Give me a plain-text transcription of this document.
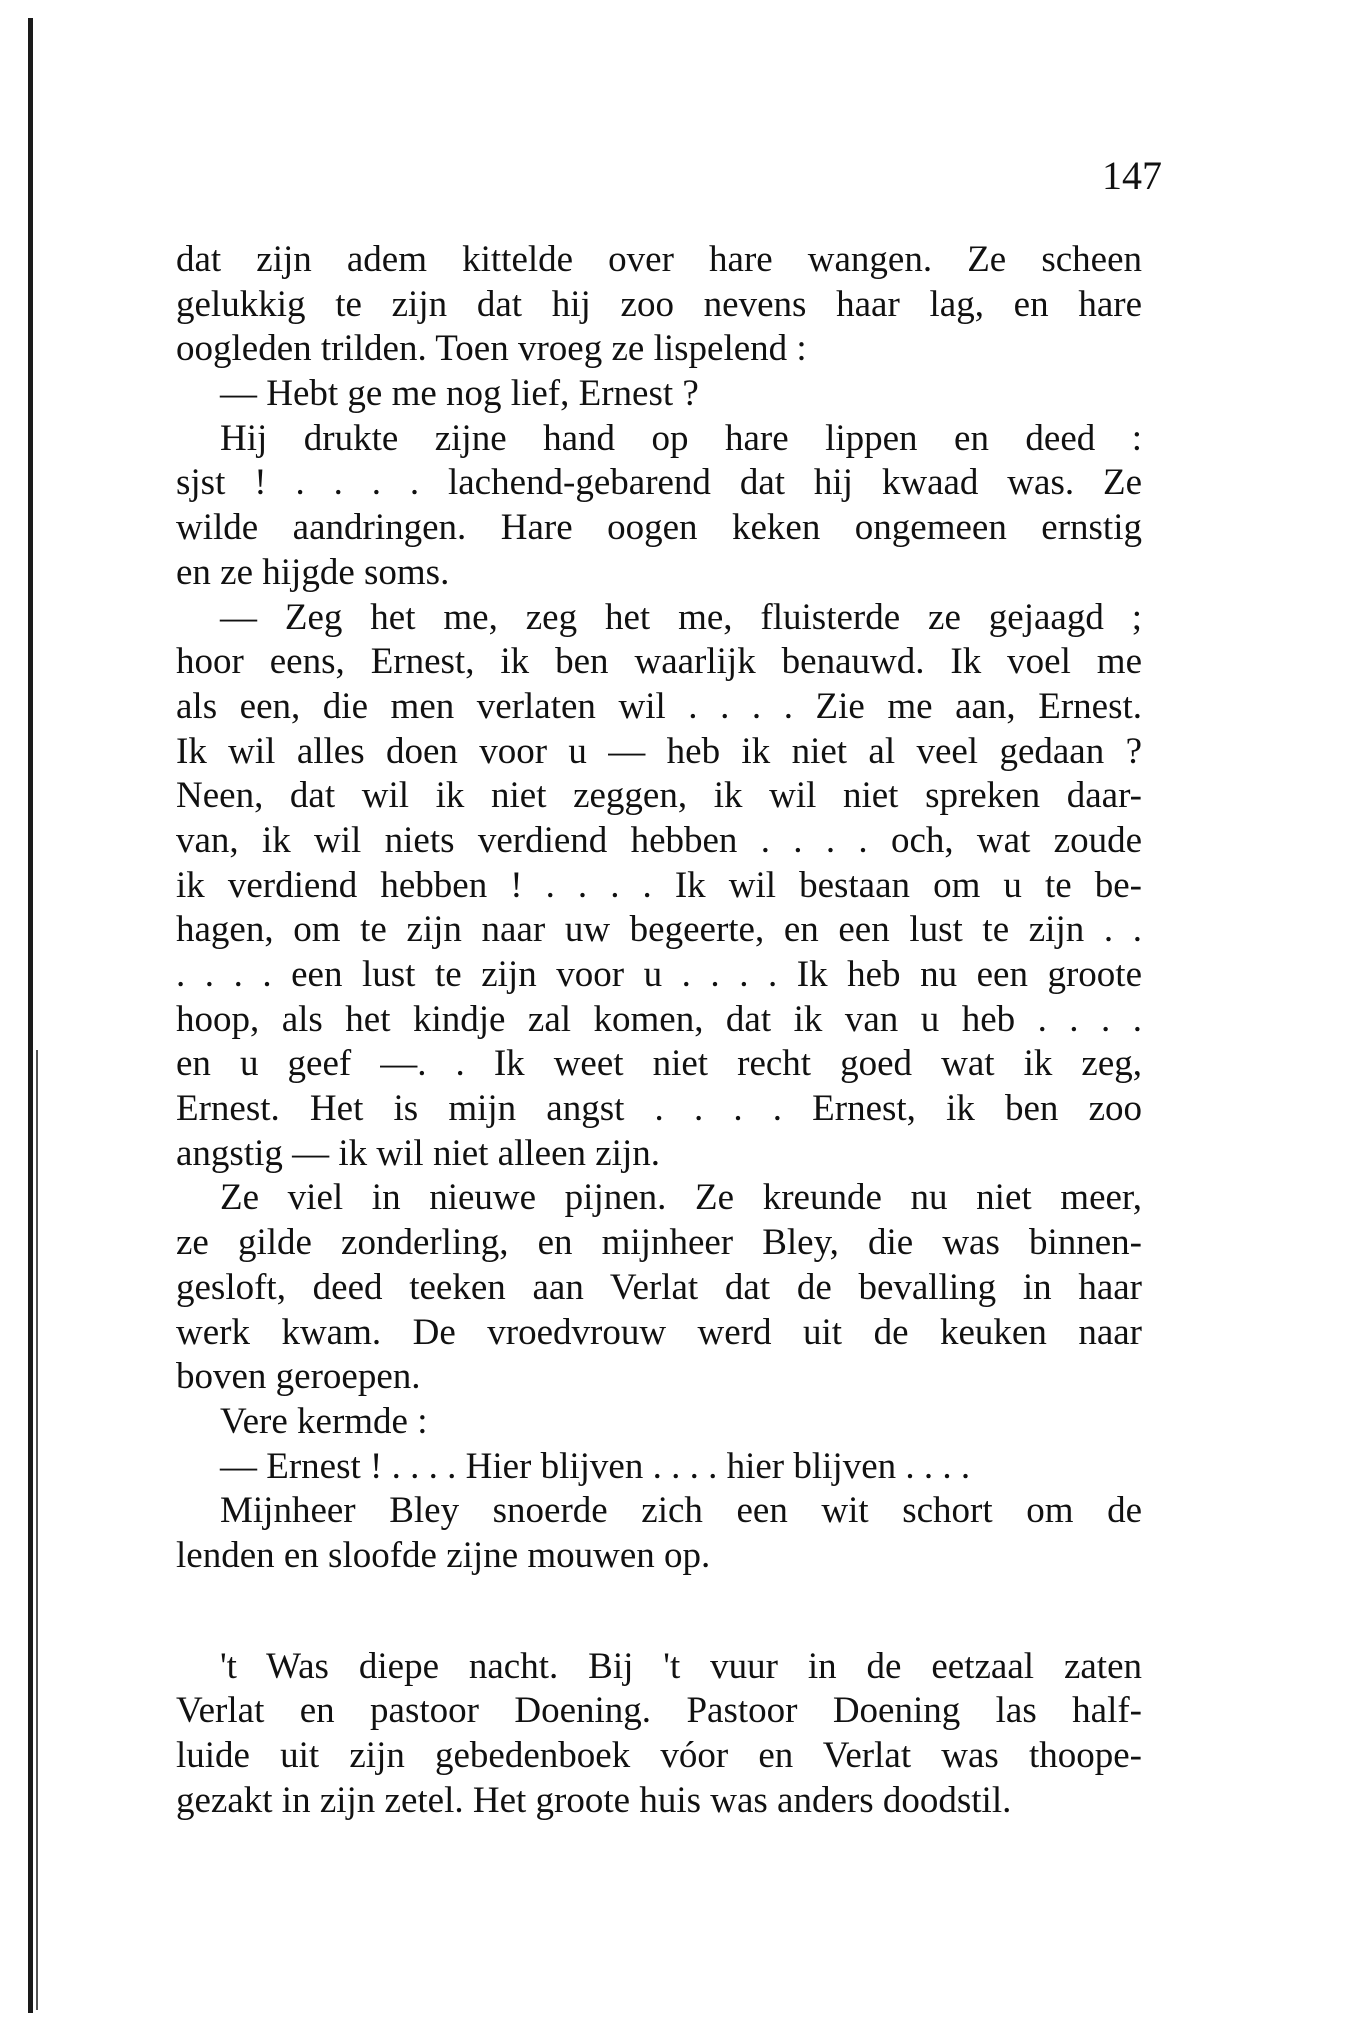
147

dat zijn adem kittelde over hare wangen. Ze scheen
gelukkig te zijn dat hij zoo nevens haar lag, en hare
oogleden trilden. Toen vroeg ze lispelend :
— Hebt ge me nog lief, Ernest ?
Hij drukte zijne hand op hare lippen en deed :
sjst ! . . . . lachend-gebarend dat hij kwaad was. Ze
wilde aandringen. Hare oogen keken ongemeen ernstig
en ze hijgde soms.
— Zeg het me, zeg het me, fluisterde ze gejaagd ;
hoor eens, Ernest, ik ben waarlijk benauwd. Ik voel me
als een, die men verlaten wil . . . . Zie me aan, Ernest.
Ik wil alles doen voor u — heb ik niet al veel gedaan ?
Neen, dat wil ik niet zeggen, ik wil niet spreken daar-
van, ik wil niets verdiend hebben . . . . och, wat zoude
ik verdiend hebben ! . . . . Ik wil bestaan om u te be-
hagen, om te zijn naar uw begeerte, en een lust te zijn . .
. . . . een lust te zijn voor u . . . . Ik heb nu een groote
hoop, als het kindje zal komen, dat ik van u heb . . . .
en u geef —. . Ik weet niet recht goed wat ik zeg,
Ernest. Het is mijn angst . . . . Ernest, ik ben zoo
angstig — ik wil niet alleen zijn.
Ze viel in nieuwe pijnen. Ze kreunde nu niet meer,
ze gilde zonderling, en mijnheer Bley, die was binnen-
gesloft, deed teeken aan Verlat dat de bevalling in haar
werk kwam. De vroedvrouw werd uit de keuken naar
boven geroepen.
Vere kermde :
— Ernest ! . . . . Hier blijven . . . . hier blijven . . . .
Mijnheer Bley snoerde zich een wit schort om de
lenden en sloofde zijne mouwen op.
't Was diepe nacht. Bij 't vuur in de eetzaal zaten
Verlat en pastoor Doening. Pastoor Doening las half-
luide uit zijn gebedenboek vóor en Verlat was thoope-
gezakt in zijn zetel. Het groote huis was anders doodstil.
